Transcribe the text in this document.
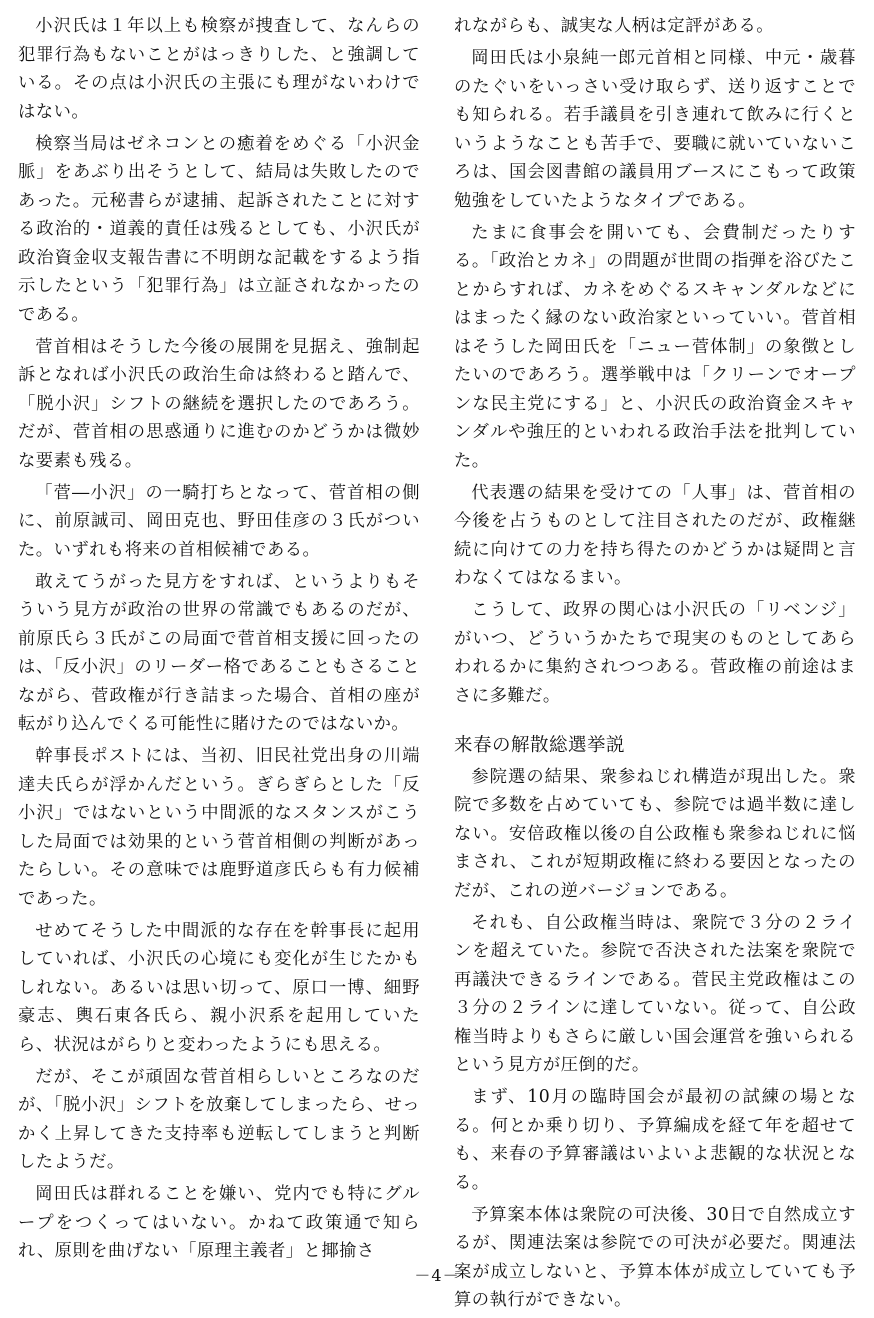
小沢氏は１年以上も検察が捜査して、なんらの犯罪行為もないことがはっきりした、と強調している。その点は小沢氏の主張にも理がないわけではない。

検察当局はゼネコンとの癒着をめぐる「小沢金脈」をあぶり出そうとして、結局は失敗したのであった。元秘書らが逮捕、起訴されたことに対する政治的・道義的責任は残るとしても、小沢氏が政治資金収支報告書に不明朗な記載をするよう指示したという「犯罪行為」は立証されなかったのである。

菅首相はそうした今後の展開を見据え、強制起訴となれば小沢氏の政治生命は終わると踏んで、「脱小沢」シフトの継続を選択したのであろう。だが、菅首相の思惑通りに進むのかどうかは微妙な要素も残る。

「菅―小沢」の一騎打ちとなって、菅首相の側に、前原誠司、岡田克也、野田佳彦の３氏がついた。いずれも将来の首相候補である。

敢えてうがった見方をすれば、というよりもそういう見方が政治の世界の常識でもあるのだが、前原氏ら３氏がこの局面で菅首相支援に回ったのは、「反小沢」のリーダー格であることもさることながら、菅政権が行き詰まった場合、首相の座が転がり込んでくる可能性に賭けたのではないか。

幹事長ポストには、当初、旧民社党出身の川端達夫氏らが浮かんだという。ぎらぎらとした「反小沢」ではないという中間派的なスタンスがこうした局面では効果的という菅首相側の判断があったらしい。その意味では鹿野道彦氏らも有力候補であった。

せめてそうした中間派的な存在を幹事長に起用していれば、小沢氏の心境にも変化が生じたかもしれない。あるいは思い切って、原口一博、細野豪志、輿石東各氏ら、親小沢系を起用していたら、状況はがらりと変わったようにも思える。

だが、そこが頑固な菅首相らしいところなのだが、「脱小沢」シフトを放棄してしまったら、せっかく上昇してきた支持率も逆転してしまうと判断したようだ。

岡田氏は群れることを嫌い、党内でも特にグループをつくってはいない。かねて政策通で知られ、原則を曲げない「原理主義者」と揶揄さ

れながらも、誠実な人柄は定評がある。

岡田氏は小泉純一郎元首相と同様、中元・歳暮のたぐいをいっさい受け取らず、送り返すことでも知られる。若手議員を引き連れて飲みに行くというようなことも苦手で、要職に就いていないころは、国会図書館の議員用ブースにこもって政策勉強をしていたようなタイプである。

たまに食事会を開いても、会費制だったりする。「政治とカネ」の問題が世間の指弾を浴びたことからすれば、カネをめぐるスキャンダルなどにはまったく縁のない政治家といっていい。菅首相はそうした岡田氏を「ニュー菅体制」の象徴としたいのであろう。選挙戦中は「クリーンでオープンな民主党にする」と、小沢氏の政治資金スキャンダルや強圧的といわれる政治手法を批判していた。

代表選の結果を受けての「人事」は、菅首相の今後を占うものとして注目されたのだが、政権継続に向けての力を持ち得たのかどうかは疑問と言わなくてはなるまい。

こうして、政界の関心は小沢氏の「リベンジ」がいつ、どういうかたちで現実のものとしてあらわれるかに集約されつつある。菅政権の前途はまさに多難だ。

来春の解散総選挙説

参院選の結果、衆参ねじれ構造が現出した。衆院で多数を占めていても、参院では過半数に達しない。安倍政権以後の自公政権も衆参ねじれに悩まされ、これが短期政権に終わる要因となったのだが、これの逆バージョンである。

それも、自公政権当時は、衆院で３分の２ラインを超えていた。参院で否決された法案を衆院で再議決できるラインである。菅民主党政権はこの３分の２ラインに達していない。従って、自公政権当時よりもさらに厳しい国会運営を強いられるという見方が圧倒的だ。

まず、10月の臨時国会が最初の試練の場となる。何とか乗り切り、予算編成を経て年を超せても、来春の予算審議はいよいよ悲観的な状況となる。

予算案本体は衆院の可決後、30日で自然成立するが、関連法案は参院での可決が必要だ。関連法案が成立しないと、予算本体が成立していても予算の執行ができない。

－4－
